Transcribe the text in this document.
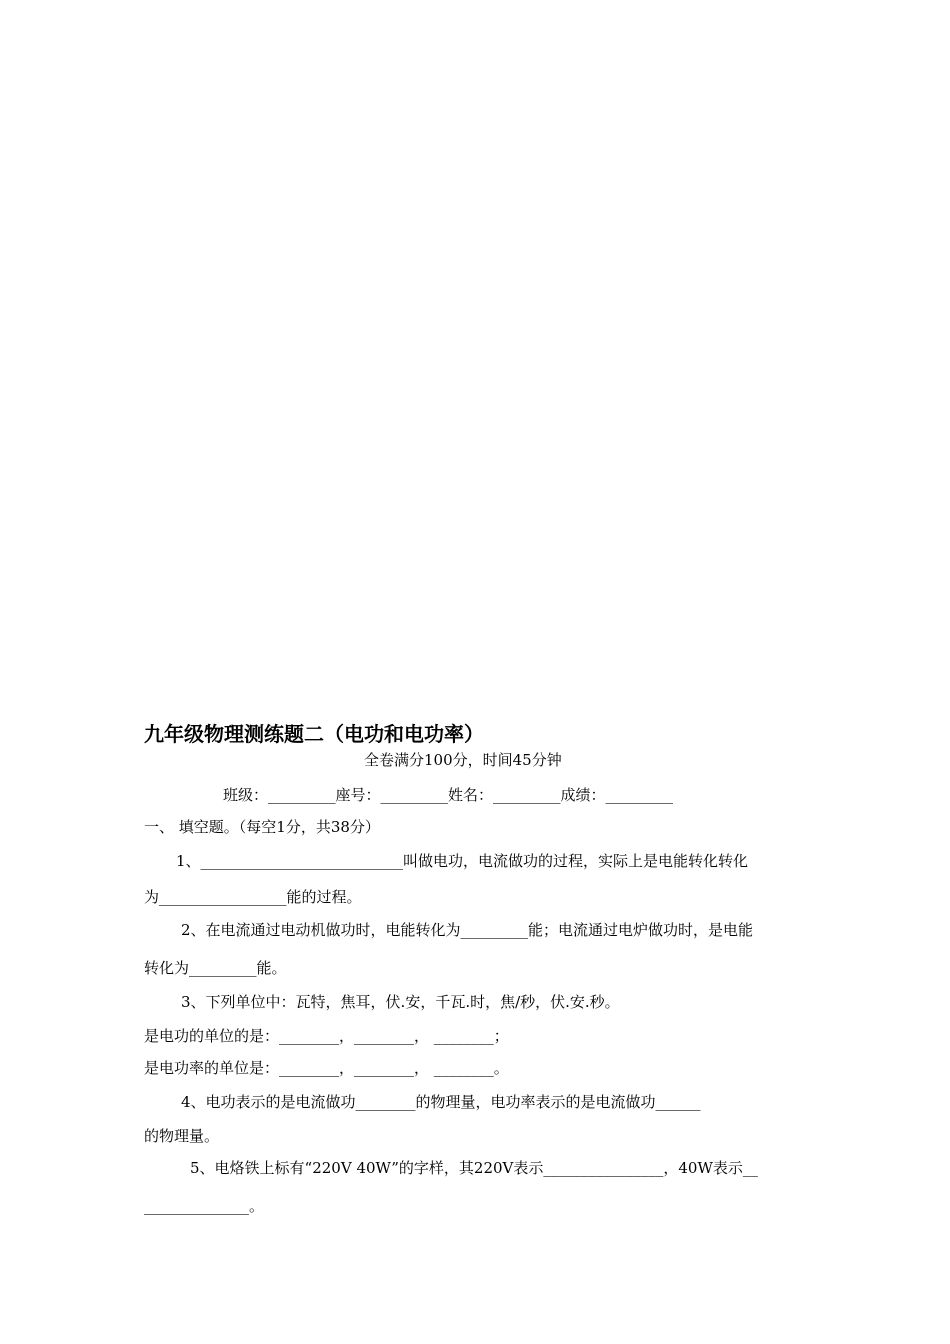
九年级物理测练题二（电功和电功率）
全卷满分100分，时间45分钟
班级：_________座号：_________姓名：_________成绩：_________
一、 填空题。（每空1分，共38分）
1、___________________________叫做电功，电流做功的过程，实际上是电能转化转化
为_________________能的过程。
2、在电流通过电动机做功时，电能转化为_________能；电流通过电炉做功时，是电能
转化为_________能。
3、下列单位中：瓦特，焦耳，伏.安，千瓦.时，焦/秒，伏.安.秒。
是电功的单位的是：________，________， ________；
是电功率的单位是：________，________， ________。
4、电功表示的是电流做功________的物理量，电功率表示的是电流做功______
的物理量。
5、电烙铁上标有“220V 40W”的字样，其220V表示________________，40W表示__
______________。
